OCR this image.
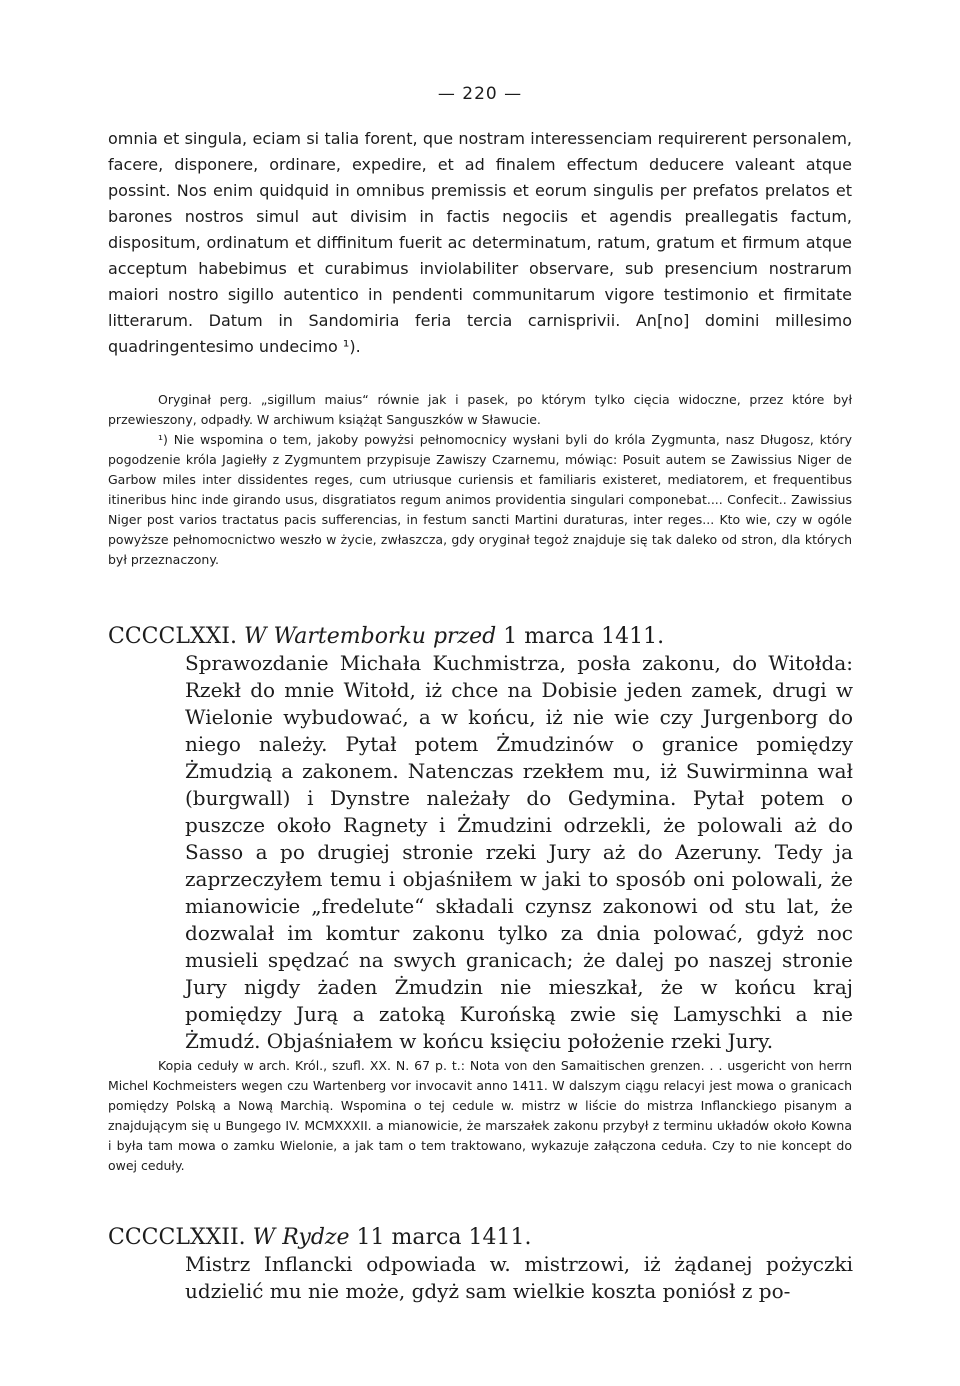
— 220 —

omnia et singula, eciam si talia forent, que nostram interessenciam requirerent personalem, facere, disponere, ordinare, expedire, et ad finalem effectum deducere valeant atque possint. Nos enim quidquid in omnibus premissis et eorum singulis per prefatos prelatos et barones nostros simul aut divisim in factis negociis et agendis preallegatis factum, dispositum, ordinatum et diffinitum fuerit ac determinatum, ratum, gratum et firmum atque acceptum habebimus et curabimus inviolabiliter observare, sub presencium nostrarum maiori nostro sigillo autentico in pendenti communitarum vigore testimonio et firmitate litterarum. Datum in Sandomiria feria tercia carnisprivii. An[no] domini millesimo quadringentesimo undecimo ¹).

Oryginał perg. „sigillum maius“ równie jak i pasek, po którym tylko cięcia widoczne, przez które był przewieszony, odpadły. W archiwum książąt Sanguszków w Sławucie.

¹) Nie wspomina o tem, jakoby powyżsi pełnomocnicy wysłani byli do króla Zygmunta, nasz Długosz, który pogodzenie króla Jagiełły z Zygmuntem przypisuje Zawiszy Czarnemu, mówiąc: Posuit autem se Zawissius Niger de Garbow miles inter dissidentes reges, cum utriusque curiensis et familiaris existeret, mediatorem, et frequentibus itineribus hinc inde girando usus, disgratiatos regum animos providentia singulari componebat.... Confecit.. Zawissius Niger post varios tractatus pacis sufferencias, in festum sancti Martini duraturas, inter reges... Kto wie, czy w ogóle powyższe pełnomocnictwo weszło w życie, zwłaszcza, gdy oryginał tegoż znajduje się tak daleko od stron, dla których był przeznaczony.

CCCCLXXI. W Wartemborku przed 1 marca 1411.

Sprawozdanie Michała Kuchmistrza, posła zakonu, do Witołda: Rzekł do mnie Witołd, iż chce na Dobisie jeden zamek, drugi w Wielonie wybudować, a w końcu, iż nie wie czy Jurgenborg do niego należy. Pytał potem Żmudzinów o granice pomiędzy Żmudzią a zakonem. Natenczas rzekłem mu, iż Suwirminna wał (burgwall) i Dynstre należały do Gedymina. Pytał potem o puszcze około Ragnety i Żmudzini odrzekli, że polowali aż do Sasso a po drugiej stronie rzeki Jury aż do Azeruny. Tedy ja zaprzeczyłem temu i objaśniłem w jaki to sposób oni polowali, że mianowicie „fredelute“ składali czynsz zakonowi od stu lat, że dozwalał im komtur zakonu tylko za dnia polować, gdyż noc musieli spędzać na swych granicach; że dalej po naszej stronie Jury nigdy żaden Żmudzin nie mieszkał, że w końcu kraj pomiędzy Jurą a zatoką Kurońską zwie się Lamyschki a nie Żmudź. Objaśniałem w końcu księciu położenie rzeki Jury.

Kopia ceduły w arch. Król., szufl. XX. N. 67 p. t.: Nota von den Samaitischen grenzen. . . usgericht von herrn Michel Kochmeisters wegen czu Wartenberg vor invocavit anno 1411. W dalszym ciągu relacyi jest mowa o granicach pomiędzy Polską a Nową Marchią. Wspomina o tej cedule w. mistrz w liście do mistrza Inflanckiego pisanym a znajdującym się u Bungego IV. MCMXXXII. a mianowicie, że marszałek zakonu przybył z terminu układów około Kowna i była tam mowa o zamku Wielonie, a jak tam o tem traktowano, wykazuje załączona ceduła. Czy to nie koncept do owej ceduły.

CCCCLXXII. W Rydze 11 marca 1411.

Mistrz Inflancki odpowiada w. mistrzowi, iż żądanej pożyczki udzielić mu nie może, gdyż sam wielkie koszta poniósł z po-
